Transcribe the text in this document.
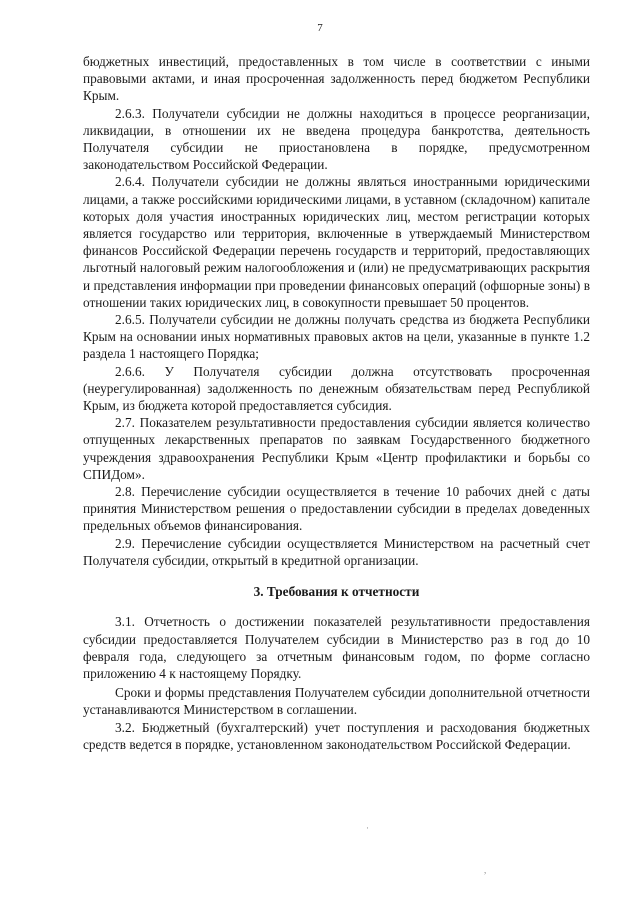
7

бюджетных инвестиций, предоставленных в том числе в соответствии с иными правовыми актами, и иная просроченная задолженность перед бюджетом Республики Крым.

2.6.3. Получатели субсидии не должны находиться в процессе реорганизации, ликвидации, в отношении их не введена процедура банкротства, деятельность Получателя субсидии не приостановлена в порядке, предусмотренном законодательством Российской Федерации.

2.6.4. Получатели субсидии не должны являться иностранными юридическими лицами, а также российскими юридическими лицами, в уставном (складочном) капитале которых доля участия иностранных юридических лиц, местом регистрации которых является государство или территория, включенные в утверждаемый Министерством финансов Российской Федерации перечень государств и территорий, предоставляющих льготный налоговый режим налогообложения и (или) не предусматривающих раскрытия и представления информации при проведении финансовых операций (офшорные зоны) в отношении таких юридических лиц, в совокупности превышает 50 процентов.

2.6.5. Получатели субсидии не должны получать средства из бюджета Республики Крым на основании иных нормативных правовых актов на цели, указанные в пункте 1.2 раздела 1 настоящего Порядка;

2.6.6. У Получателя субсидии должна отсутствовать просроченная (неурегулированная) задолженность по денежным обязательствам перед Республикой Крым, из бюджета которой предоставляется субсидия.

2.7. Показателем результативности предоставления субсидии является количество отпущенных лекарственных препаратов по заявкам Государственного бюджетного учреждения здравоохранения Республики Крым «Центр профилактики и борьбы со СПИДом».

2.8. Перечисление субсидии осуществляется в течение 10 рабочих дней с даты принятия Министерством решения о предоставлении субсидии в пределах доведенных предельных объемов финансирования.

2.9. Перечисление субсидии осуществляется Министерством на расчетный счет Получателя субсидии, открытый в кредитной организации.

3. Требования к отчетности

3.1. Отчетность о достижении показателей результативности предоставления субсидии предоставляется Получателем субсидии в Министерство раз в год до 10 февраля года, следующего за отчетным финансовым годом, по форме согласно приложению 4 к настоящему Порядку.

Сроки и формы представления Получателем субсидии дополнительной отчетности устанавливаются Министерством в соглашении.

3.2. Бюджетный (бухгалтерский) учет поступления и расходования бюджетных средств ведется в порядке, установленном законодательством Российской Федерации.

·
,
